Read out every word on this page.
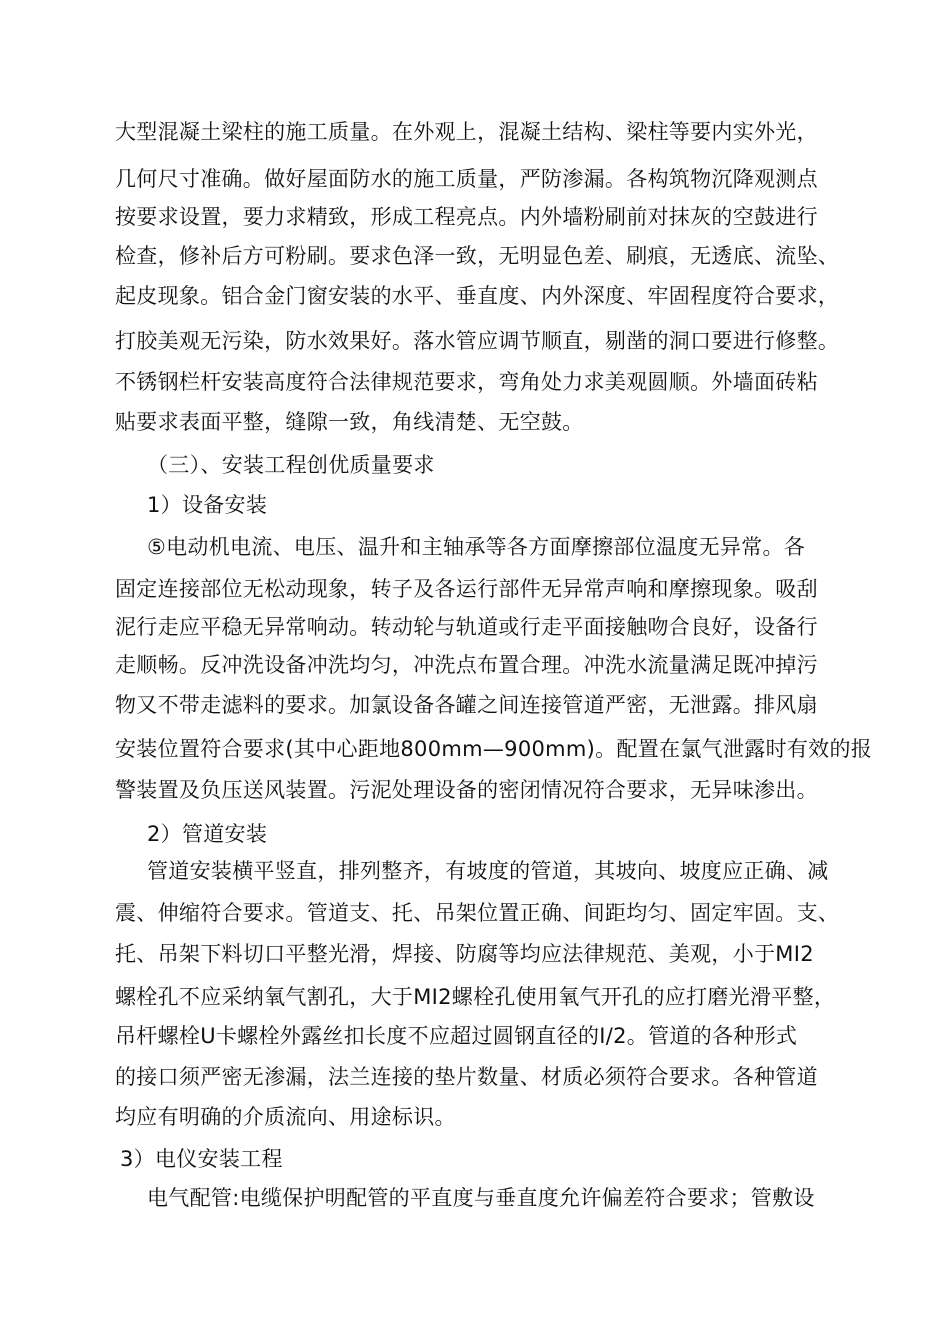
大型混凝土梁柱的施工质量。在外观上，混凝土结构、梁柱等要内实外光，
几何尺寸准确。做好屋面防水的施工质量，严防渗漏。各构筑物沉降观测点
按要求设置，要力求精致，形成工程亮点。内外墙粉刷前对抹灰的空鼓进行
检查，修补后方可粉刷。要求色泽一致，无明显色差、刷痕，无透底、流坠、
起皮现象。铝合金门窗安装的水平、垂直度、内外深度、牢固程度符合要求，
打胶美观无污染，防水效果好。落水管应调节顺直，剔凿的洞口要进行修整。
不锈钢栏杆安装高度符合法律规范要求，弯角处力求美观圆顺。外墙面砖粘
贴要求表面平整，缝隙一致，角线清楚、无空鼓。
（三）、安装工程创优质量要求
1）设备安装
⑤电动机电流、电压、温升和主轴承等各方面摩擦部位温度无异常。各
固定连接部位无松动现象，转子及各运行部件无异常声响和摩擦现象。吸刮
泥行走应平稳无异常响动。转动轮与轨道或行走平面接触吻合良好，设备行
走顺畅。反冲洗设备冲洗均匀，冲洗点布置合理。冲洗水流量满足既冲掉污
物又不带走滤料的要求。加氯设备各罐之间连接管道严密，无泄露。排风扇
安装位置符合要求(其中心距地800mm—900mm)。配置在氯气泄露时有效的报
警装置及负压送风装置。污泥处理设备的密闭情况符合要求，无异味渗出。
2）管道安装
管道安装横平竖直，排列整齐，有坡度的管道，其坡向、坡度应正确、减
震、伸缩符合要求。管道支、托、吊架位置正确、间距均匀、固定牢固。支、
托、吊架下料切口平整光滑，焊接、防腐等均应法律规范、美观，小于MI2
螺栓孔不应采纳氧气割孔，大于MI2螺栓孔使用氧气开孔的应打磨光滑平整，
吊杆螺栓U卡螺栓外露丝扣长度不应超过圆钢直径的Ⅰ/2。管道的各种形式
的接口须严密无渗漏，法兰连接的垫片数量、材质必须符合要求。各种管道
均应有明确的介质流向、用途标识。
3）电仪安装工程
电气配管:电缆保护明配管的平直度与垂直度允许偏差符合要求；管敷设
